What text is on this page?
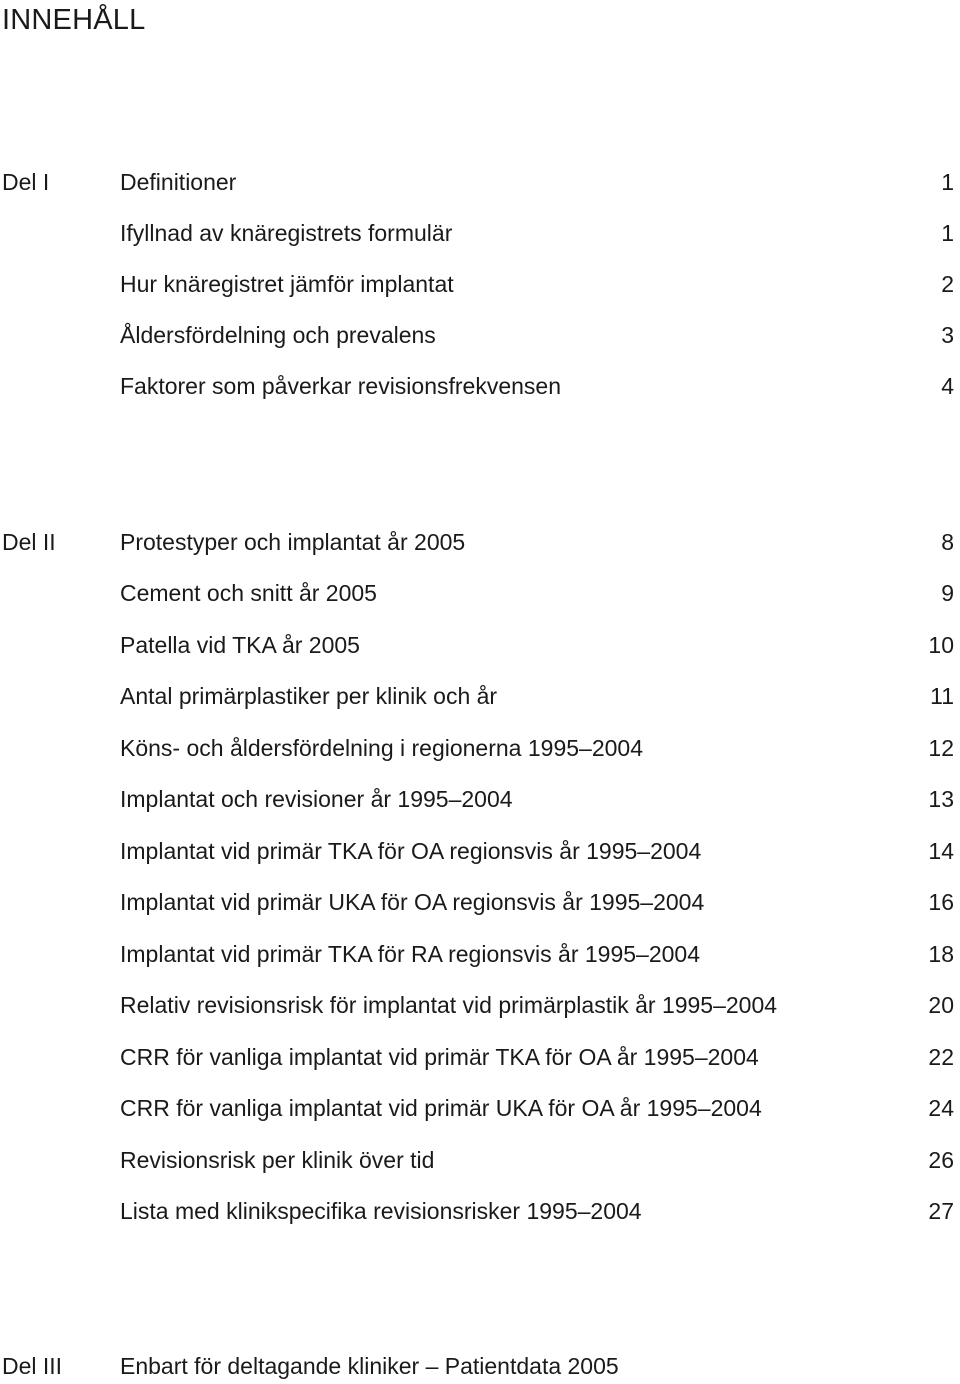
INNEHÅLL
Del I	Definitioner	1
Ifyllnad av knäregistrets formulär	1
Hur knäregistret jämför implantat	2
Åldersfördelning och prevalens	3
Faktorer som påverkar revisionsfrekvensen	4
Del II	Protestyper och implantat år 2005	8
Cement och snitt år 2005	9
Patella vid TKA år 2005	10
Antal primärplastiker per klinik och år	11
Köns- och åldersfördelning i regionerna 1995–2004	12
Implantat och revisioner år 1995–2004	13
Implantat vid primär TKA för OA regionsvis år 1995–2004	14
Implantat vid primär UKA för OA regionsvis år 1995–2004	16
Implantat vid primär TKA för RA regionsvis år 1995–2004	18
Relativ revisionsrisk för implantat vid primärplastik år 1995–2004	20
CRR för vanliga implantat vid primär TKA för OA år 1995–2004	22
CRR för vanliga implantat vid primär UKA för OA år 1995–2004	24
Revisionsrisk per klinik över tid	26
Lista med klinikspecifika revisionsrisker 1995–2004	27
Del III	Enbart för deltagande kliniker – Patientdata 2005
